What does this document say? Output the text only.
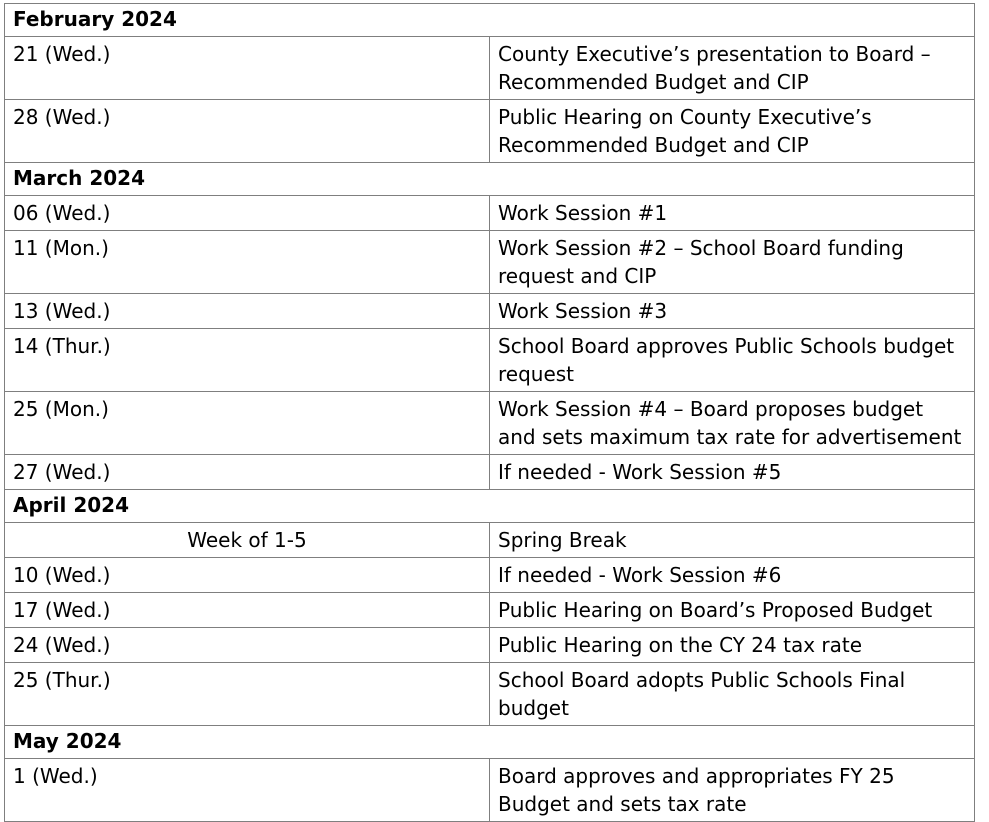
February 2024	
21 (Wed.)	County Executive’s presentation to Board – Recommended Budget and CIP
28 (Wed.)	Public Hearing on County Executive’s Recommended Budget and CIP
March 2024	
06 (Wed.)	Work Session #1
11 (Mon.)	Work Session #2 – School Board funding request and CIP
13 (Wed.)	Work Session #3
14 (Thur.)	School Board approves Public Schools budget request
25 (Mon.)	Work Session #4 – Board proposes budget and sets maximum tax rate for advertisement
27 (Wed.)	If needed - Work Session #5
April 2024	
Week of 1-5	Spring Break
10 (Wed.)	If needed - Work Session #6
17 (Wed.)	Public Hearing on Board’s Proposed Budget
24 (Wed.)	Public Hearing on the CY 24 tax rate
25 (Thur.)	School Board adopts Public Schools Final budget
May 2024	
1 (Wed.)	Board approves and appropriates FY 25 Budget and sets tax rate
